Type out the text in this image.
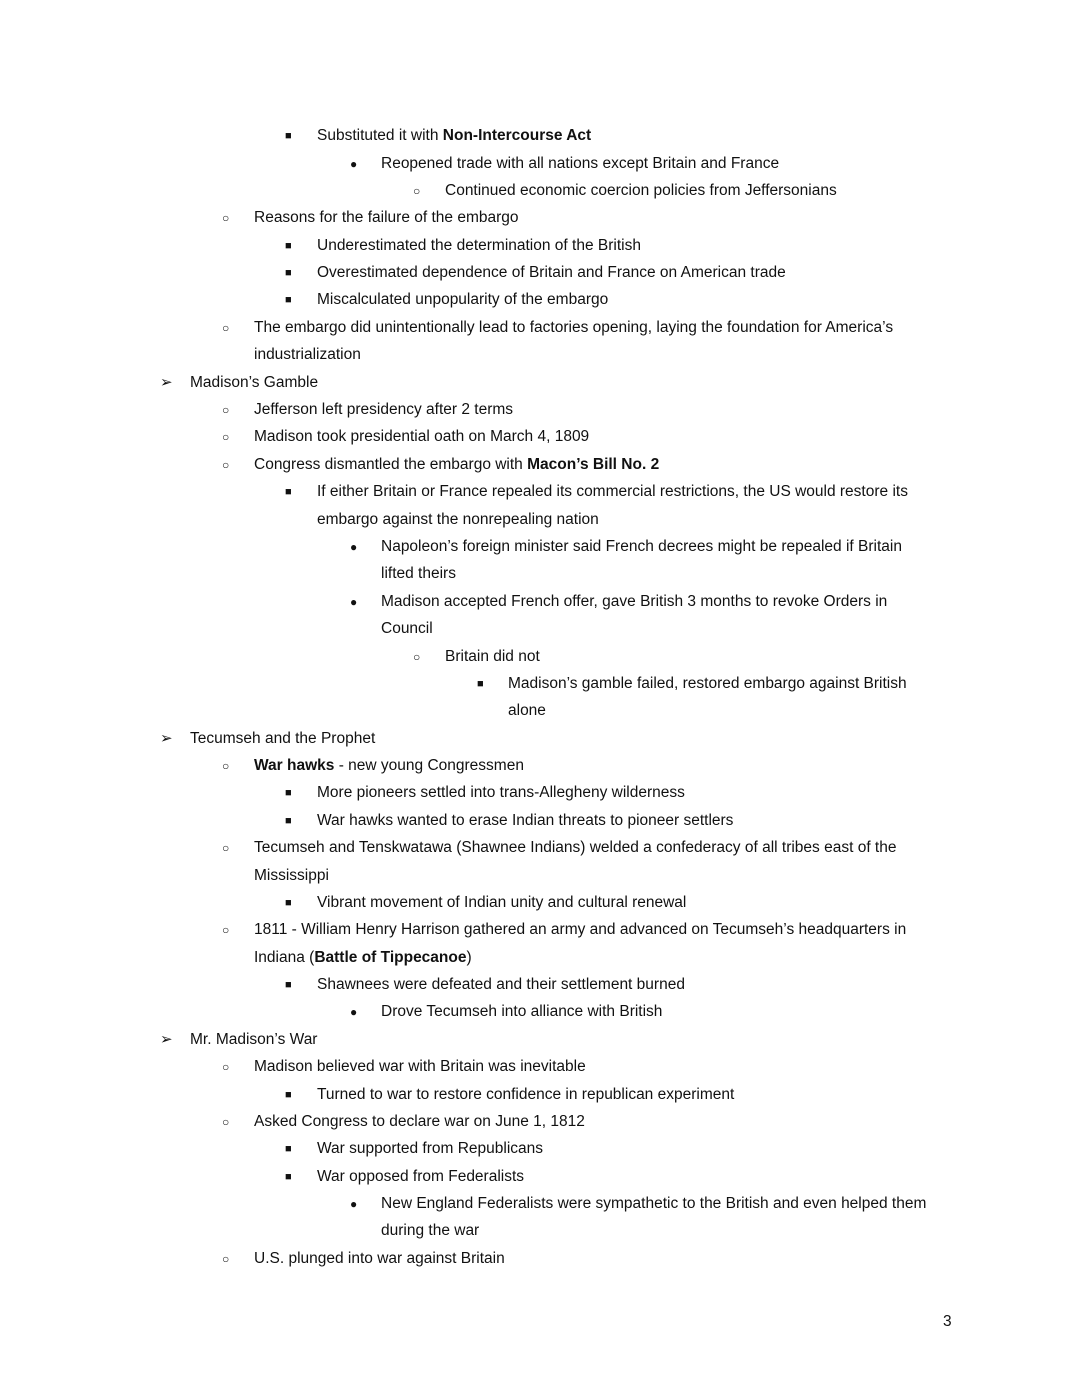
■ Substituted it with Non-Intercourse Act
● Reopened trade with all nations except Britain and France
○ Continued economic coercion policies from Jeffersonians
○ Reasons for the failure of the embargo
■ Underestimated the determination of the British
■ Overestimated dependence of Britain and France on American trade
■ Miscalculated unpopularity of the embargo
○ The embargo did unintentionally lead to factories opening, laying the foundation for America’s
industrialization
➢ Madison’s Gamble
○ Jefferson left presidency after 2 terms
○ Madison took presidential oath on March 4, 1809
○ Congress dismantled the embargo with Macon’s Bill No. 2
■ If either Britain or France repealed its commercial restrictions, the US would restore its
embargo against the nonrepealing nation
● Napoleon’s foreign minister said French decrees might be repealed if Britain
lifted theirs
● Madison accepted French offer, gave British 3 months to revoke Orders in
Council
○ Britain did not
■ Madison’s gamble failed, restored embargo against British
alone
➢ Tecumseh and the Prophet
○ War hawks - new young Congressmen
■ More pioneers settled into trans-Allegheny wilderness
■ War hawks wanted to erase Indian threats to pioneer settlers
○ Tecumseh and Tenskwatawa (Shawnee Indians) welded a confederacy of all tribes east of the
Mississippi
■ Vibrant movement of Indian unity and cultural renewal
○ 1811 - William Henry Harrison gathered an army and advanced on Tecumseh’s headquarters in
Indiana (Battle of Tippecanoe)
■ Shawnees were defeated and their settlement burned
● Drove Tecumseh into alliance with British
➢ Mr. Madison’s War
○ Madison believed war with Britain was inevitable
■ Turned to war to restore confidence in republican experiment
○ Asked Congress to declare war on June 1, 1812
■ War supported from Republicans
■ War opposed from Federalists
● New England Federalists were sympathetic to the British and even helped them
during the war
○ U.S. plunged into war against Britain
3
